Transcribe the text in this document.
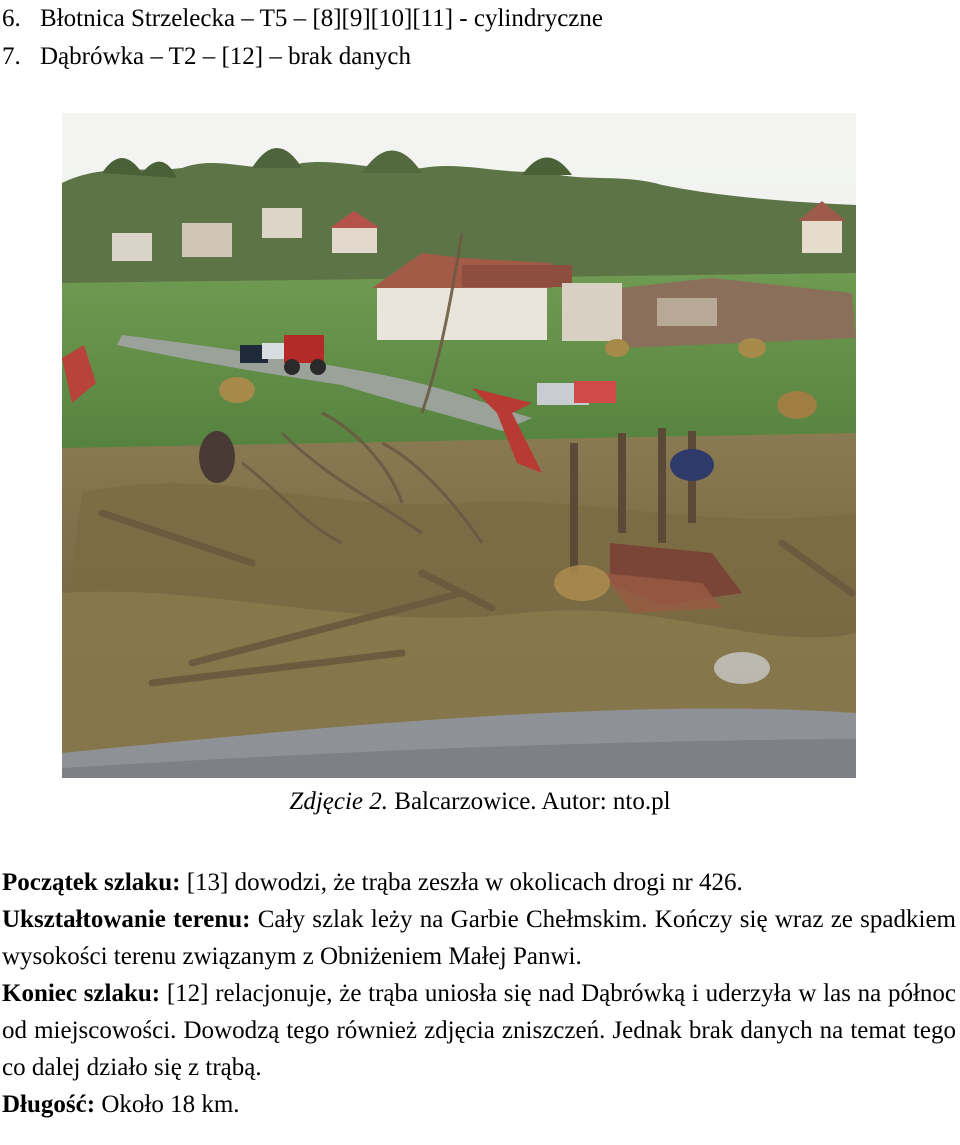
6. Błotnica Strzelecka – T5 – [8][9][10][11] - cylindryczne
7. Dąbrówka – T2 – [12] – brak danych
Zdjęcie 2. Balcarzowice. Autor: nto.pl

Początek szlaku: [13] dowodzi, że trąba zeszła w okolicach drogi nr 426.

Ukształtowanie terenu: Cały szlak leży na Garbie Chełmskim. Kończy się wraz ze spadkiem wysokości terenu związanym z Obniżeniem Małej Panwi.

Koniec szlaku: [12] relacjonuje, że trąba uniosła się nad Dąbrówką i uderzyła w las na północ od miejscowości. Dowodzą tego również zdjęcia zniszczeń. Jednak brak danych na temat tego co dalej działo się z trąbą.

Długość: Około 18 km.
